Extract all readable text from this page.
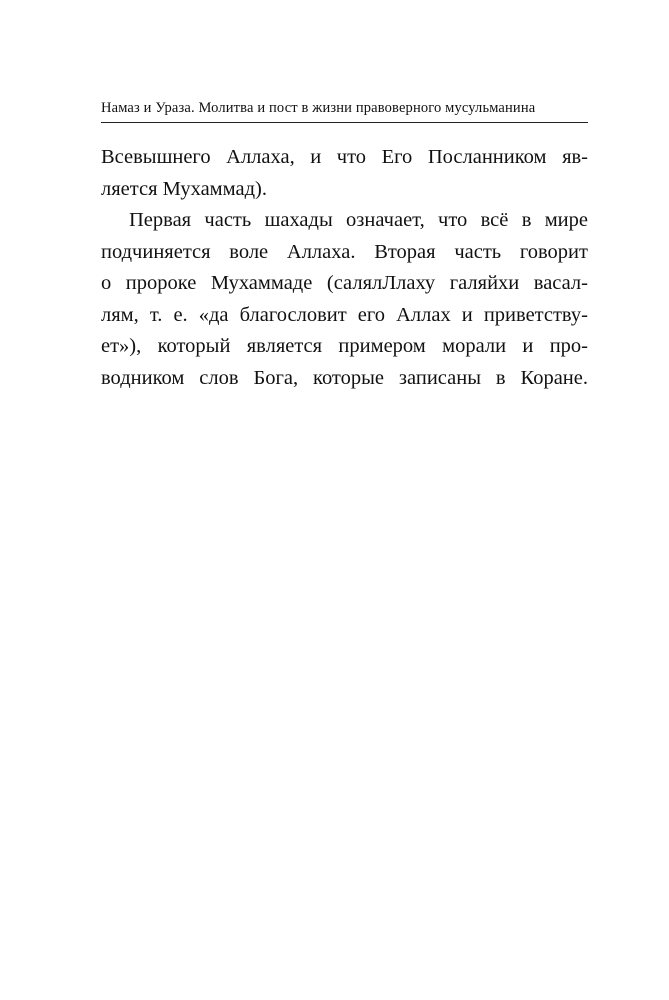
Намаз и Ураза. Молитва и пост в жизни правоверного мусульманина
Всевышнего Аллаха, и что Его Посланником яв-
ляется Мухаммад).
Первая часть шахады означает, что всё в мире
подчиняется воле Аллаха. Вторая часть говорит
о пророке Мухаммаде (салялЛлаху галяйхи васал-
лям, т. е. «да благословит его Аллах и приветству-
ет»), который является примером морали и про-
водником слов Бога, которые записаны в Коране.
